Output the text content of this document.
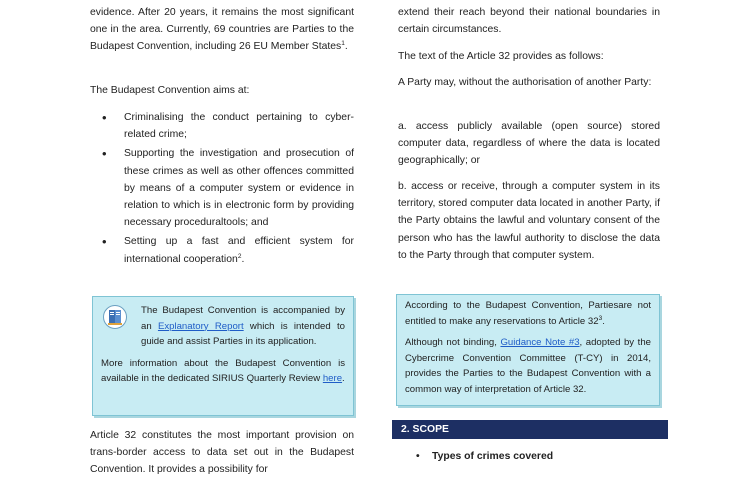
evidence. After 20 years, it remains the most significant one in the area. Currently, 69 countries are Parties to the Budapest Convention, including 26 EU Member States$^1$.

The Budapest Convention aims at:

• Criminalising the conduct pertaining to cyber-related crime;
• Supporting the investigation and prosecution of these crimes as well as other offences committed by means of a computer system or evidence in relation to which is in electronic form by providing necessary proceduraltools; and
• Setting up a fast and efficient system for international cooperation$^2$.

Article 32 constitutes the most important provision on trans-border access to data set out in the Budapest Convention. It provides a possibility for

The Budapest Convention is accompanied by an Explanatory Report which is intended to guide and assist Parties in its application.

More information about the Budapest Convention is available in the dedicated SIRIUS Quarterly Review here.

extend their reach beyond their national boundaries in certain circumstances.

The text of the Article 32 provides as follows:

A Party may, without the authorisation of another Party:

a. access publicly available (open source) stored computer data, regardless of where the data is located geographically; or

b. access or receive, through a computer system in its territory, stored computer data located in another Party, if the Party obtains the lawful and voluntary consent of the person who has the lawful authority to disclose the data to the Party through that computer system.

According to the Budapest Convention, Partiesare not entitled to make any reservations to Article $32^3$.

Although not binding, Guidance Note #3, adopted by the Cybercrime Convention Committee (T-CY) in 2014, provides the Parties to the Budapest Convention with a common way of interpretation of Article 32.

2. SCOPE
• Types of crimes covered
